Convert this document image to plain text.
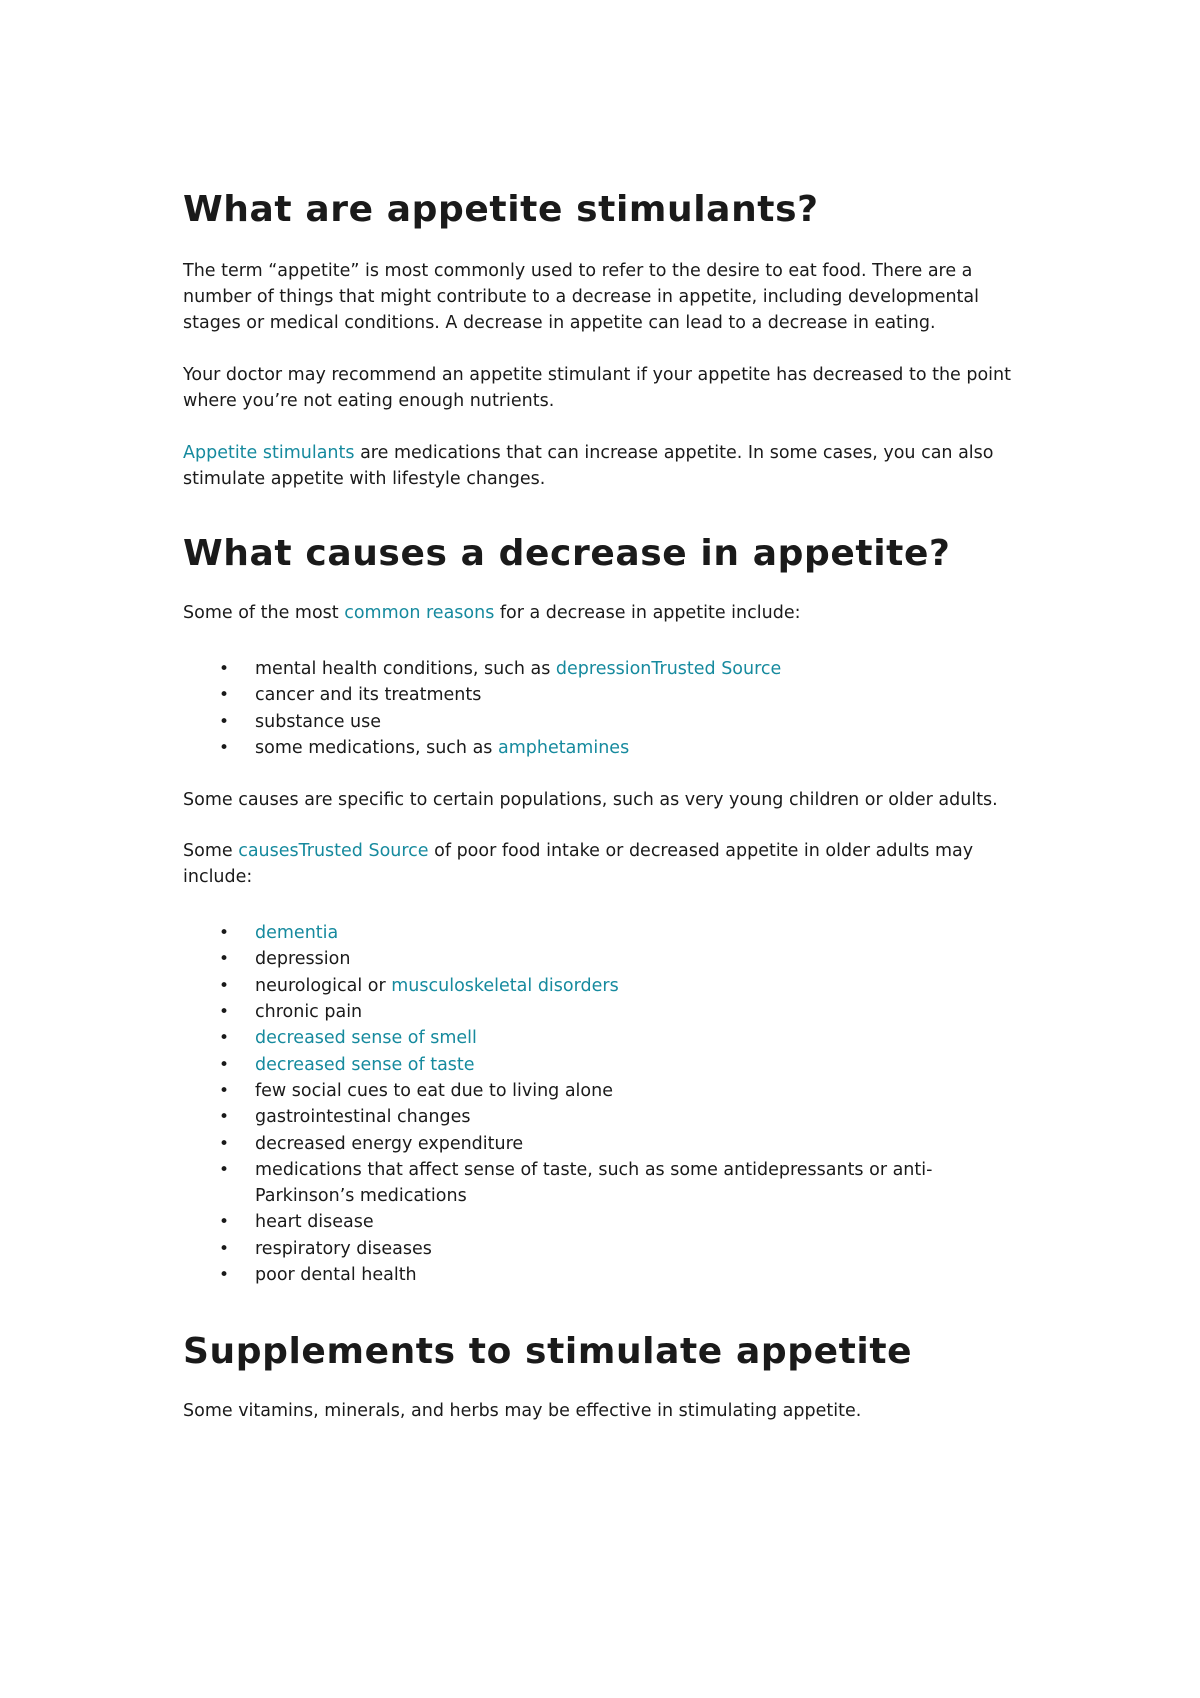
What are appetite stimulants?

The term “appetite” is most commonly used to refer to the desire to eat food. There are a number of things that might contribute to a decrease in appetite, including developmental stages or medical conditions. A decrease in appetite can lead to a decrease in eating.

Your doctor may recommend an appetite stimulant if your appetite has decreased to the point where you’re not eating enough nutrients.

Appetite stimulants are medications that can increase appetite. In some cases, you can also stimulate appetite with lifestyle changes.

What causes a decrease in appetite?

Some of the most common reasons for a decrease in appetite include:

• mental health conditions, such as depressionTrusted Source
• cancer and its treatments
• substance use
• some medications, such as amphetamines

Some causes are specific to certain populations, such as very young children or older adults.

Some causesTrusted Source of poor food intake or decreased appetite in older adults may include:

• dementia
• depression
• neurological or musculoskeletal disorders
• chronic pain
• decreased sense of smell
• decreased sense of taste
• few social cues to eat due to living alone
• gastrointestinal changes
• decreased energy expenditure
• medications that affect sense of taste, such as some antidepressants or anti-Parkinson’s medications
• heart disease
• respiratory diseases
• poor dental health
Supplements to stimulate appetite

Some vitamins, minerals, and herbs may be effective in stimulating appetite.
